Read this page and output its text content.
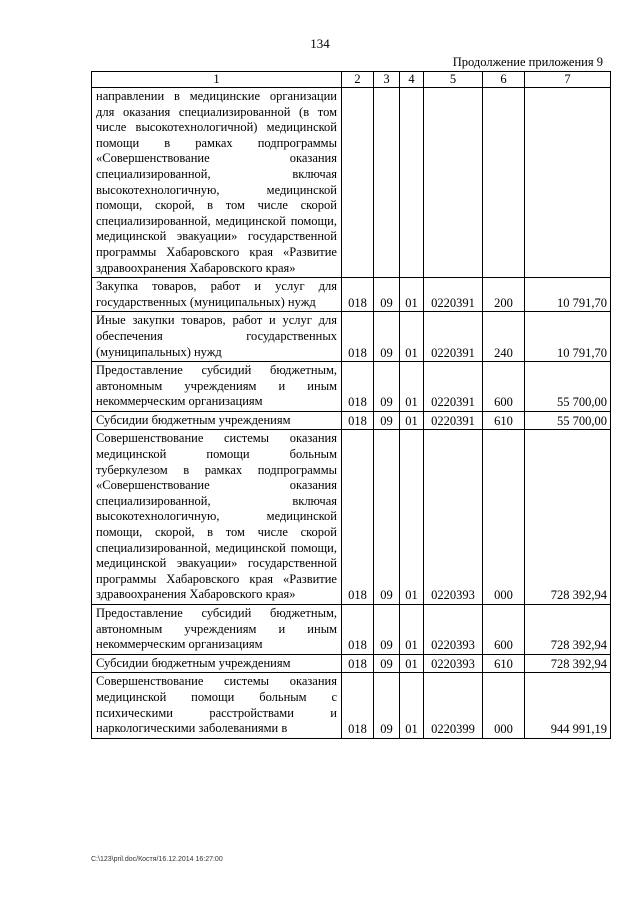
134
Продолжение приложения 9
1	2	3	4	5	6	7
направлении в медицинские организации для оказания специализированной (в том числе высокотехнологичной) медицинской помощи в рамках подпрограммы «Совершенствование оказания специализированной, включая высокотехнологичную, медицинской помощи, скорой, в том числе скорой специализированной, медицинской помощи, медицинской эвакуации» государственной программы Хабаровского края «Развитие здравоохранения Хабаровского края»						
Закупка товаров, работ и услуг для государственных (муниципальных) нужд	018	09	01	0220391	200	10 791,70
Иные закупки товаров, работ и услуг для обеспечения государственных (муниципальных) нужд	018	09	01	0220391	240	10 791,70
Предоставление субсидий бюджетным, автономным учреждениям и иным некоммерческим организациям	018	09	01	0220391	600	55 700,00
Субсидии бюджетным учреждениям	018	09	01	0220391	610	55 700,00
Совершенствование системы оказания медицинской помощи больным туберкулезом в рамках подпрограммы «Совершенствование оказания специализированной, включая высокотехнологичную, медицинской помощи, скорой, в том числе скорой специализированной, медицинской помощи, медицинской эвакуации» государственной программы Хабаровского края «Развитие здравоохранения Хабаровского края»	018	09	01	0220393	000	728 392,94
Предоставление субсидий бюджетным, автономным учреждениям и иным некоммерческим организациям	018	09	01	0220393	600	728 392,94
Субсидии бюджетным учреждениям	018	09	01	0220393	610	728 392,94
Совершенствование системы оказания медицинской помощи больным с психическими расстройствами и наркологическими заболеваниями в	018	09	01	0220399	000	944 991,19
C:\123\pril.doc/Костя/16.12.2014 16:27:00
